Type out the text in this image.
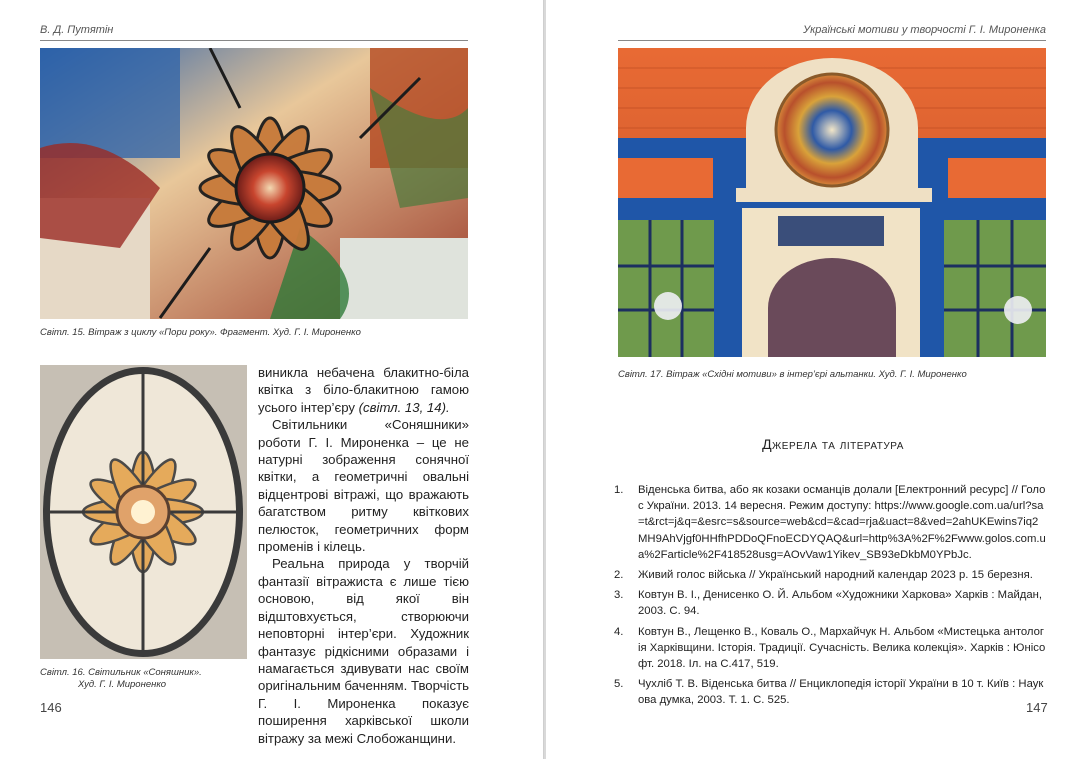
В. Д. Путятін
Світл. 15. Вітраж з циклу «Пори року». Фрагмент. Худ. Г. І. Мироненко
Світл. 16. Світильник «Соняшник».
Худ. Г. І. Мироненко

виникла небачена блакитно-біла квітка з біло-блакитною гамою усього інтер’єру (світл. 13, 14).

Світильники «Соняшники» роботи Г. І. Мироненка – це не натурні зображення сонячної квітки, а геометричні овальні відцентрові вітражі, що вражають багатством ритму квіткових пелюсток, геометричних форм променів і кілець.

Реальна природа у творчій фантазії вітражиста є лише тією основою, від якої він відштовхується, створюючи неповторні інтер’єри. Художник фантазує рідкісними образами і намагається здивувати нас своїм оригінальним баченням. Творчість Г. І. Мироненка показує поширення харківської школи вітражу за межі Слобожанщини.

146
Українські мотиви у творчості Г. І. Мироненка
Світл. 17. Вітраж «Східні мотиви» в інтер’єрі альтанки. Худ. Г. І. Мироненко
Джерела та література
1.	Віденська битва, або як козаки османців долали [Електронний ресурс] // Голос України. 2013. 14 вересня. Режим доступу: https://www.google.com.ua/url?sa=t&rct=j&q=&esrc=s&source=web&cd=&cad=rja&uact=8&ved=2ahUKEwins7iq2MH9AhVjgf0HHfhPDDoQFnoECDYQAQ&url=http%3A%2F%2Fwww.golos.com.ua%2Farticle%2F418528usg=AOvVaw1Yikev_SB93eDkbM0YPbJc.
2.	Живий голос війська // Український народний календар 2023 р. 15 березня.
3.	Ковтун В. І., Денисенко О. Й. Альбом «Художники Харкова» Харків : Майдан, 2003. С. 94.
4.	Ковтун В., Лещенко В., Коваль О., Мархайчук Н. Альбом «Мистецька антологія Харківщини. Історія. Традиції. Сучасність. Велика колекція». Харків : Юнісофт. 2018. Іл. на С.417, 519.
5.	Чухліб Т. В. Віденська битва // Енциклопедія історії України в 10 т. Київ : Наукова думка, 2003. Т. 1. С. 525.	147
